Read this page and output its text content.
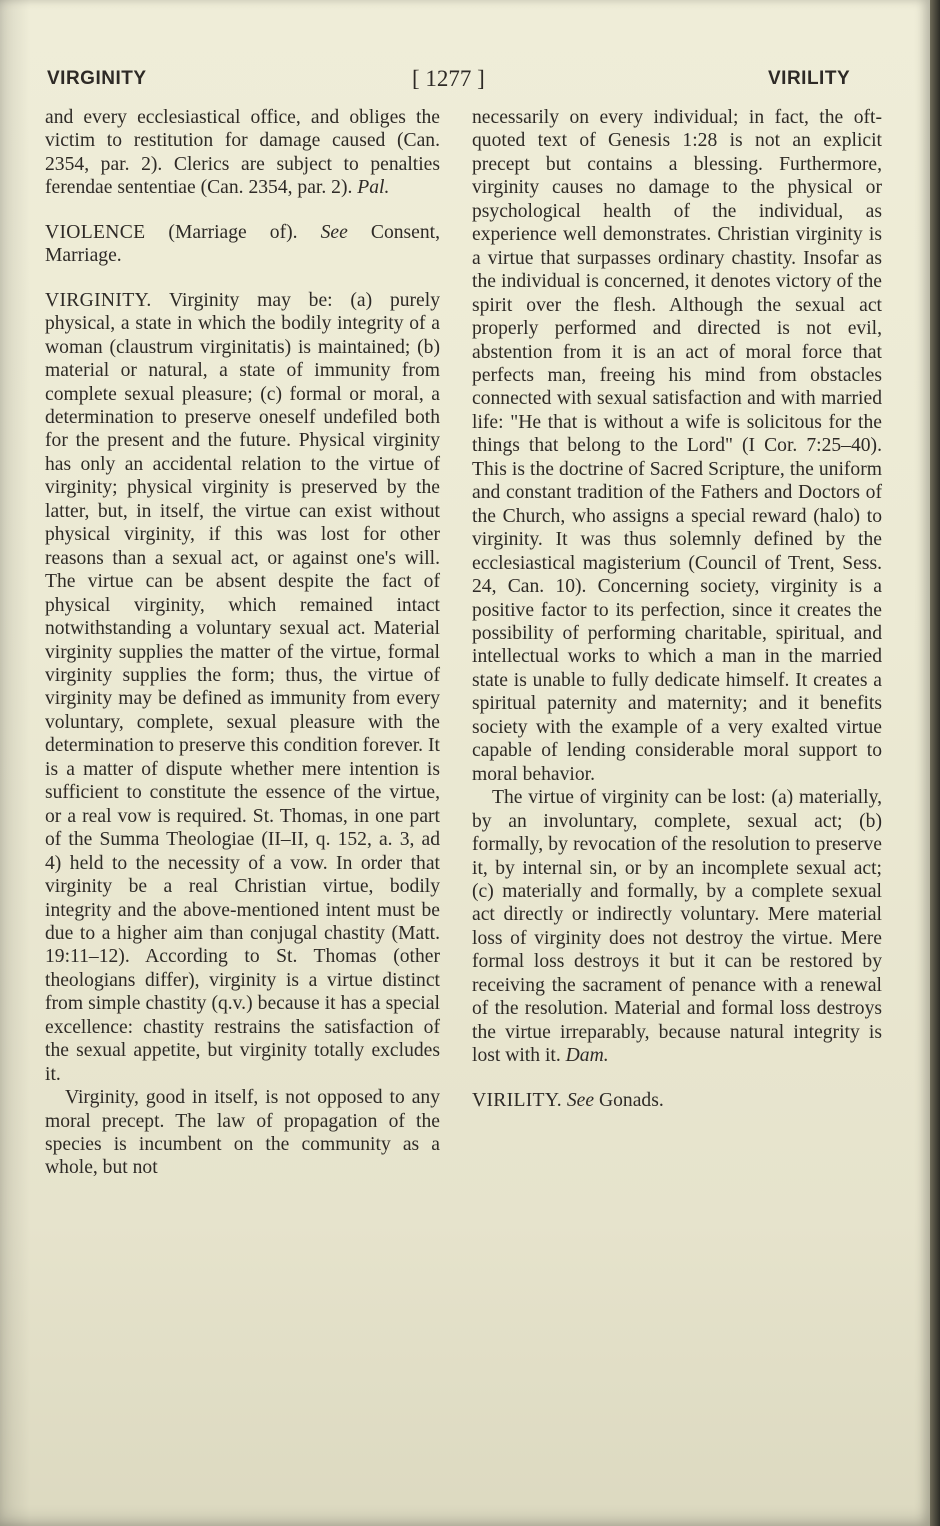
VIRGINITY	[ 1277 ]	VIRILITY

and every ecclesiastical office, and obliges the victim to restitution for damage caused (Can. 2354, par. 2). Clerics are subject to penalties ferendae sententiae (Can. 2354, par. 2). Pal.

VIOLENCE (Marriage of). See Consent, Marriage.

VIRGINITY. Virginity may be: (a) purely physical, a state in which the bodily integrity of a woman (claustrum virginitatis) is maintained; (b) material or natural, a state of immunity from complete sexual pleasure; (c) formal or moral, a determination to preserve oneself undefiled both for the present and the future. Physical virginity has only an accidental relation to the virtue of virginity; physical virginity is preserved by the latter, but, in itself, the virtue can exist without physical virginity, if this was lost for other reasons than a sexual act, or against one's will. The virtue can be absent despite the fact of physical virginity, which remained intact notwithstanding a voluntary sexual act. Material virginity supplies the matter of the virtue, formal virginity supplies the form; thus, the virtue of virginity may be defined as immunity from every voluntary, complete, sexual pleasure with the determination to preserve this condition forever. It is a matter of dispute whether mere intention is sufficient to constitute the essence of the virtue, or a real vow is required. St. Thomas, in one part of the Summa Theologiae (II–II, q. 152, a. 3, ad 4) held to the necessity of a vow. In order that virginity be a real Christian virtue, bodily integrity and the above-mentioned intent must be due to a higher aim than conjugal chastity (Matt. 19:11–12). According to St. Thomas (other theologians differ), virginity is a virtue distinct from simple chastity (q.v.) because it has a special excellence: chastity restrains the satisfaction of the sexual appetite, but virginity totally excludes it.

Virginity, good in itself, is not opposed to any moral precept. The law of propagation of the species is incumbent on the community as a whole, but not

necessarily on every individual; in fact, the oft-quoted text of Genesis 1:28 is not an explicit precept but contains a blessing. Furthermore, virginity causes no damage to the physical or psychological health of the individual, as experience well demonstrates. Christian virginity is a virtue that surpasses ordinary chastity. Insofar as the individual is concerned, it denotes victory of the spirit over the flesh. Although the sexual act properly performed and directed is not evil, abstention from it is an act of moral force that perfects man, freeing his mind from obstacles connected with sexual satisfaction and with married life: "He that is without a wife is solicitous for the things that belong to the Lord" (I Cor. 7:25–40). This is the doctrine of Sacred Scripture, the uniform and constant tradition of the Fathers and Doctors of the Church, who assigns a special reward (halo) to virginity. It was thus solemnly defined by the ecclesiastical magisterium (Council of Trent, Sess. 24, Can. 10). Concerning society, virginity is a positive factor to its perfection, since it creates the possibility of performing charitable, spiritual, and intellectual works to which a man in the married state is unable to fully dedicate himself. It creates a spiritual paternity and maternity; and it benefits society with the example of a very exalted virtue capable of lending considerable moral support to moral behavior.

The virtue of virginity can be lost: (a) materially, by an involuntary, complete, sexual act; (b) formally, by revocation of the resolution to preserve it, by internal sin, or by an incomplete sexual act; (c) materially and formally, by a complete sexual act directly or indirectly voluntary. Mere material loss of virginity does not destroy the virtue. Mere formal loss destroys it but it can be restored by receiving the sacrament of penance with a renewal of the resolution. Material and formal loss destroys the virtue irreparably, because natural integrity is lost with it. Dam.

VIRILITY. See Gonads.
